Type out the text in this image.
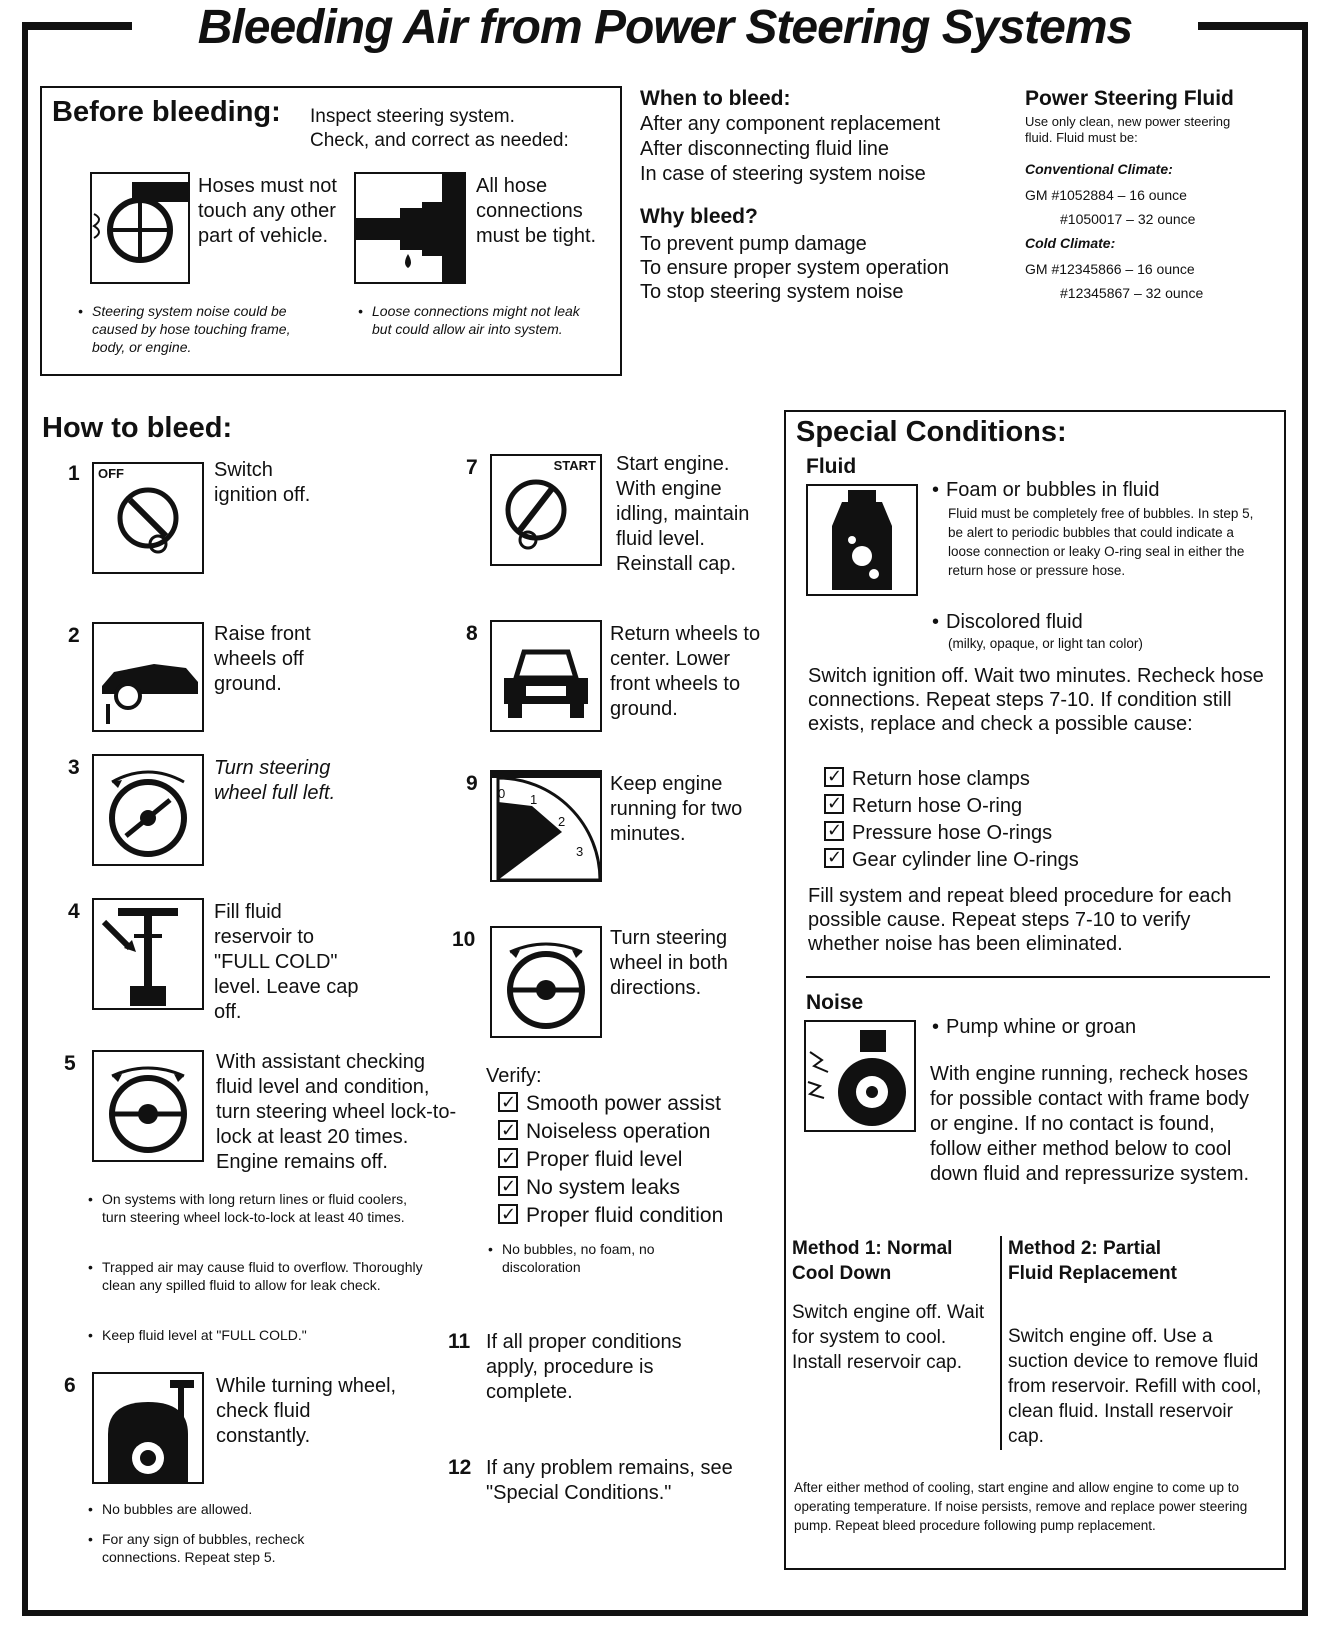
Bleeding Air from Power Steering Systems
Before bleeding: Inspect steering system.
Check, and correct as needed:
Hoses must not touch any other part of vehicle.
All hose connections must be tight.
• Steering system noise could be caused by hose touching frame, body, or engine.
• Loose connections might not leak but could allow air into system.
When to bleed:
After any component replacement
After disconnecting fluid line
In case of steering system noise
Why bleed?
To prevent pump damage
To ensure proper system operation
To stop steering system noise
Power Steering Fluid
Use only clean, new power steering fluid. Fluid must be:
Conventional Climate:
GM #1052884 – 16 ounce
#1050017 – 32 ounce
Cold Climate:
GM #12345866 – 16 ounce
#12345867 – 32 ounce
How to bleed:
1 OFF	Switch ignition off.
2	Raise front wheels off ground.
3	Turn steering wheel full left.
4	Fill fluid reservoir to "FULL COLD" level. Leave cap off.
5	With assistant checking fluid level and condition, turn steering wheel lock-to-lock at least 20 times. Engine remains off.
• On systems with long return lines or fluid coolers, turn steering wheel lock-to-lock at least 40 times.
• Trapped air may cause fluid to overflow. Thoroughly clean any spilled fluid to allow for leak check.
• Keep fluid level at "FULL COLD."
6	While turning wheel, check fluid constantly.
• No bubbles are allowed.
• For any sign of bubbles, recheck connections. Repeat step 5.
7	START Start engine. With engine idling, maintain fluid level. Reinstall cap.
8	Return wheels to center. Lower front wheels to ground.
9 0 1
2
3
Keep engine running for two minutes.
10	Turn steering wheel in both directions.
Verify:
✓Smooth power assist
✓Noiseless operation
✓Proper fluid level
✓No system leaks
✓Proper fluid condition
• No bubbles, no foam, no discoloration
11 If all proper conditions apply, procedure is complete.
12 If any problem remains, see "Special Conditions."
Special Conditions:
Fluid
• Foam or bubbles in fluid
Fluid must be completely free of bubbles. In step 5, be alert to periodic bubbles that could indicate a loose connection or leaky O-ring seal in either the return hose or pressure hose.
• Discolored fluid
(milky, opaque, or light tan color)
Switch ignition off. Wait two minutes. Recheck hose connections. Repeat steps 7-10. If condition still exists, replace and check a possible cause:
✓Return hose clamps
✓Return hose O-ring
✓Pressure hose O-rings
✓Gear cylinder line O-rings
Fill system and repeat bleed procedure for each possible cause. Repeat steps 7-10 to verify whether noise has been eliminated.
Noise
• Pump whine or groan
With engine running, recheck hoses for possible contact with frame body or engine. If no contact is found, follow either method below to cool down fluid and repressurize system.
Method 1: Normal Cool Down
Switch engine off. Wait for system to cool. Install reservoir cap.
Method 2: Partial Fluid Replacement
Switch engine off. Use a suction device to remove fluid from reservoir. Refill with cool, clean fluid. Install reservoir cap.
After either method of cooling, start engine and allow engine to come up to operating temperature. If noise persists, remove and replace power steering pump. Repeat bleed procedure following pump replacement.
